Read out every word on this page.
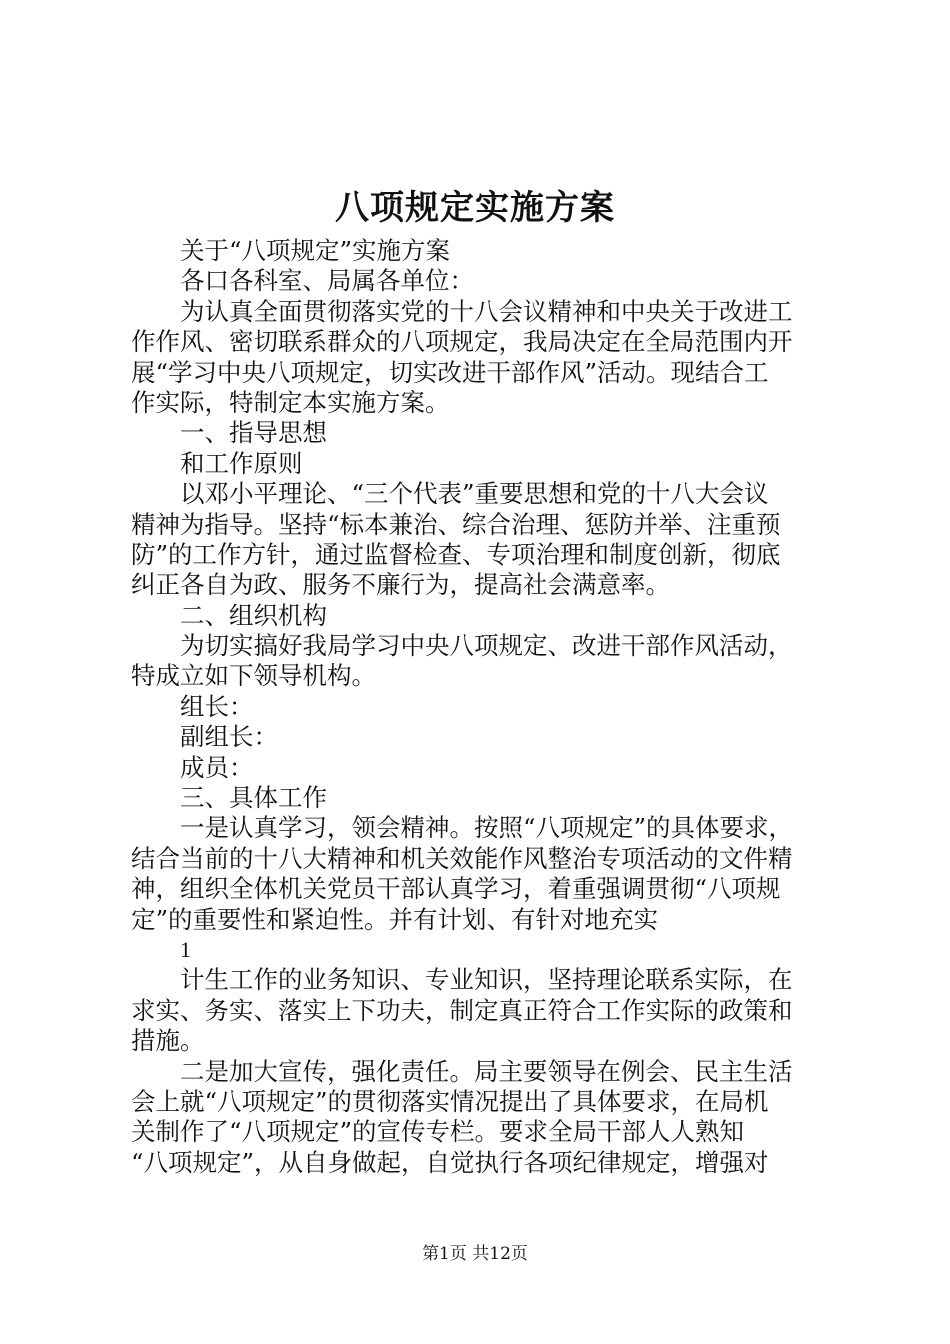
八项规定实施方案
关于“八项规定”实施方案
各口各科室、局属各单位：
为认真全面贯彻落实党的十八会议精神和中央关于改进工
作作风、密切联系群众的八项规定，我局决定在全局范围内开
展“学习中央八项规定，切实改进干部作风”活动。现结合工
作实际，特制定本实施方案。
一、指导思想
和工作原则
以邓小平理论、“三个代表”重要思想和党的十八大会议
精神为指导。坚持“标本兼治、综合治理、惩防并举、注重预
防”的工作方针，通过监督检查、专项治理和制度创新，彻底
纠正各自为政、服务不廉行为，提高社会满意率。
二、组织机构
为切实搞好我局学习中央八项规定、改进干部作风活动，
特成立如下领导机构。
组长：
副组长：
成员：
三、具体工作
一是认真学习，领会精神。按照“八项规定”的具体要求，
结合当前的十八大精神和机关效能作风整治专项活动的文件精
神，组织全体机关党员干部认真学习，着重强调贯彻“八项规
定”的重要性和紧迫性。并有计划、有针对地充实
1
计生工作的业务知识、专业知识，坚持理论联系实际，在
求实、务实、落实上下功夫，制定真正符合工作实际的政策和
措施。
二是加大宣传，强化责任。局主要领导在例会、民主生活
会上就“八项规定”的贯彻落实情况提出了具体要求，在局机
关制作了“八项规定”的宣传专栏。要求全局干部人人熟知
“八项规定”，从自身做起，自觉执行各项纪律规定，增强对
第1页 共12页
